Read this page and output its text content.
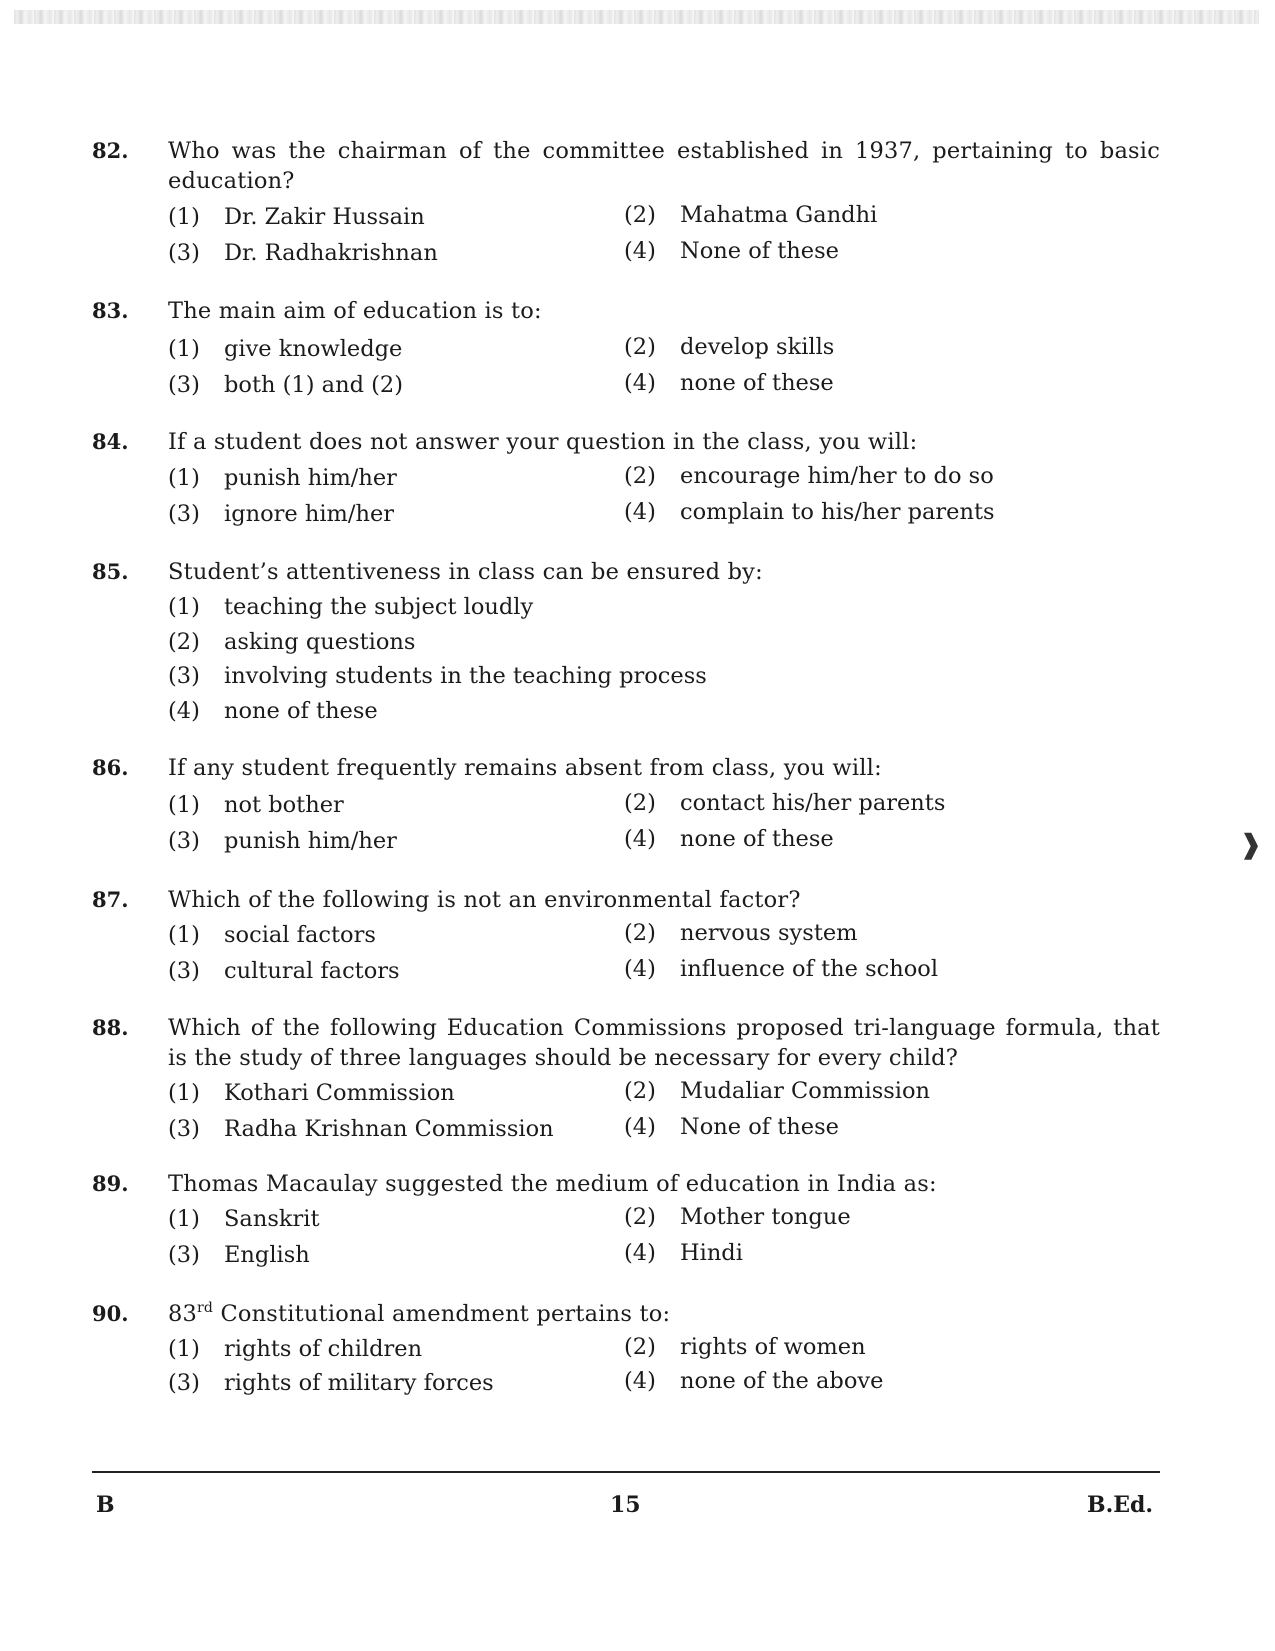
82. Who was the chairman of the committee established in 1937, pertaining to basic education?
(1) Dr. Zakir Hussain	(2) Mahatma Gandhi
(3) Dr. Radhakrishnan	(4) None of these
83. The main aim of education is to:
(1) give knowledge	(2) develop skills
(3) both (1) and (2)	(4) none of these
84. If a student does not answer your question in the class, you will:
(1) punish him/her	(2) encourage him/her to do so
(3) ignore him/her	(4) complain to his/her parents
85. Student’s attentiveness in class can be ensured by:
(1) teaching the subject loudly
(2) asking questions
(3) involving students in the teaching process
(4) none of these
86. If any student frequently remains absent from class, you will:
(1) not bother	(2) contact his/her parents
(3) punish him/her	(4) none of these
87. Which of the following is not an environmental factor?
(1) social factors	(2) nervous system
(3) cultural factors	(4) influence of the school
88. Which of the following Education Commissions proposed tri-language formula, that is the study of three languages should be necessary for every child?
(1) Kothari Commission	(2) Mudaliar Commission
(3) Radha Krishnan Commission	(4) None of these
89. Thomas Macaulay suggested the medium of education in India as:
(1) Sanskrit	(2) Mother tongue
(3) English	(4) Hindi
90. 83rd Constitutional amendment pertains to:
(1) rights of children	(2) rights of women
(3) rights of military forces	(4) none of the above
❱
B	15	B.Ed.
